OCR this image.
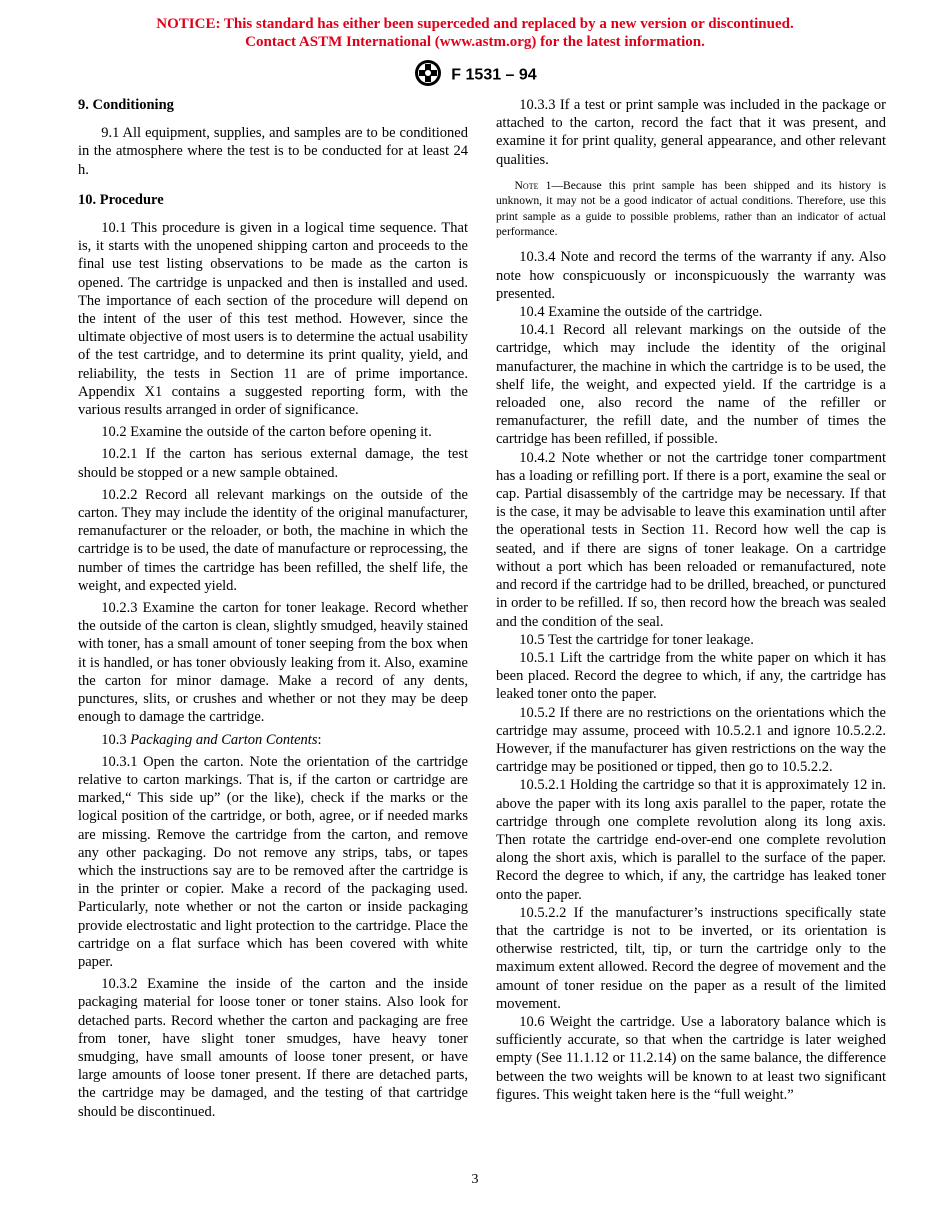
NOTICE: This standard has either been superceded and replaced by a new version or discontinued.
Contact ASTM International (www.astm.org) for the latest information.
F 1531 – 94
9. Conditioning

9.1 All equipment, supplies, and samples are to be conditioned in the atmosphere where the test is to be conducted for at least 24 h.

10. Procedure

10.1 This procedure is given in a logical time sequence. That is, it starts with the unopened shipping carton and proceeds to the final use test listing observations to be made as the carton is opened. The cartridge is unpacked and then is installed and used. The importance of each section of the procedure will depend on the intent of the user of this test method. However, since the ultimate objective of most users is to determine the actual usability of the test cartridge, and to determine its print quality, yield, and reliability, the tests in Section 11 are of prime importance. Appendix X1 contains a suggested reporting form, with the various results arranged in order of significance.

10.2 Examine the outside of the carton before opening it.

10.2.1 If the carton has serious external damage, the test should be stopped or a new sample obtained.

10.2.2 Record all relevant markings on the outside of the carton. They may include the identity of the original manufacturer, remanufacturer or the reloader, or both, the machine in which the cartridge is to be used, the date of manufacture or reprocessing, the number of times the cartridge has been refilled, the shelf life, the weight, and expected yield.

10.2.3 Examine the carton for toner leakage. Record whether the outside of the carton is clean, slightly smudged, heavily stained with toner, has a small amount of toner seeping from the box when it is handled, or has toner obviously leaking from it. Also, examine the carton for minor damage. Make a record of any dents, punctures, slits, or crushes and whether or not they may be deep enough to damage the cartridge.

10.3 Packaging and Carton Contents:

10.3.1 Open the carton. Note the orientation of the cartridge relative to carton markings. That is, if the carton or cartridge are marked,“ This side up” (or the like), check if the marks or the logical position of the cartridge, or both, agree, or if needed marks are missing. Remove the cartridge from the carton, and remove any other packaging. Do not remove any strips, tabs, or tapes which the instructions say are to be removed after the cartridge is in the printer or copier. Make a record of the packaging used. Particularly, note whether or not the carton or inside packaging provide electrostatic and light protection to the cartridge. Place the cartridge on a flat surface which has been covered with white paper.

10.3.2 Examine the inside of the carton and the inside packaging material for loose toner or toner stains. Also look for detached parts. Record whether the carton and packaging are free from toner, have slight toner smudges, have heavy toner smudging, have small amounts of loose toner present, or have large amounts of loose toner present. If there are detached parts, the cartridge may be damaged, and the testing of that cartridge should be discontinued.

10.3.3 If a test or print sample was included in the package or attached to the carton, record the fact that it was present, and examine it for print quality, general appearance, and other relevant qualities.

Note 1—Because this print sample has been shipped and its history is unknown, it may not be a good indicator of actual conditions. Therefore, use this print sample as a guide to possible problems, rather than an indicator of actual performance.

10.3.4 Note and record the terms of the warranty if any. Also note how conspicuously or inconspicuously the warranty was presented.

10.4 Examine the outside of the cartridge.

10.4.1 Record all relevant markings on the outside of the cartridge, which may include the identity of the original manufacturer, the machine in which the cartridge is to be used, the shelf life, the weight, and expected yield. If the cartridge is a reloaded one, also record the name of the refiller or remanufacturer, the refill date, and the number of times the cartridge has been refilled, if possible.

10.4.2 Note whether or not the cartridge toner compartment has a loading or refilling port. If there is a port, examine the seal or cap. Partial disassembly of the cartridge may be necessary. If that is the case, it may be advisable to leave this examination until after the operational tests in Section 11. Record how well the cap is seated, and if there are signs of toner leakage. On a cartridge without a port which has been reloaded or remanufactured, note and record if the cartridge had to be drilled, breached, or punctured in order to be refilled. If so, then record how the breach was sealed and the condition of the seal.

10.5 Test the cartridge for toner leakage.

10.5.1 Lift the cartridge from the white paper on which it has been placed. Record the degree to which, if any, the cartridge has leaked toner onto the paper.

10.5.2 If there are no restrictions on the orientations which the cartridge may assume, proceed with 10.5.2.1 and ignore 10.5.2.2. However, if the manufacturer has given restrictions on the way the cartridge may be positioned or tipped, then go to 10.5.2.2.

10.5.2.1 Holding the cartridge so that it is approximately 12 in. above the paper with its long axis parallel to the paper, rotate the cartridge through one complete revolution along its long axis. Then rotate the cartridge end-over-end one complete revolution along the short axis, which is parallel to the surface of the paper. Record the degree to which, if any, the cartridge has leaked toner onto the paper.

10.5.2.2 If the manufacturer’s instructions specifically state that the cartridge is not to be inverted, or its orientation is otherwise restricted, tilt, tip, or turn the cartridge only to the maximum extent allowed. Record the degree of movement and the amount of toner residue on the paper as a result of the limited movement.

10.6 Weight the cartridge. Use a laboratory balance which is sufficiently accurate, so that when the cartridge is later weighed empty (See 11.1.12 or 11.2.14) on the same balance, the difference between the two weights will be known to at least two significant figures. This weight taken here is the “full weight.”

3
